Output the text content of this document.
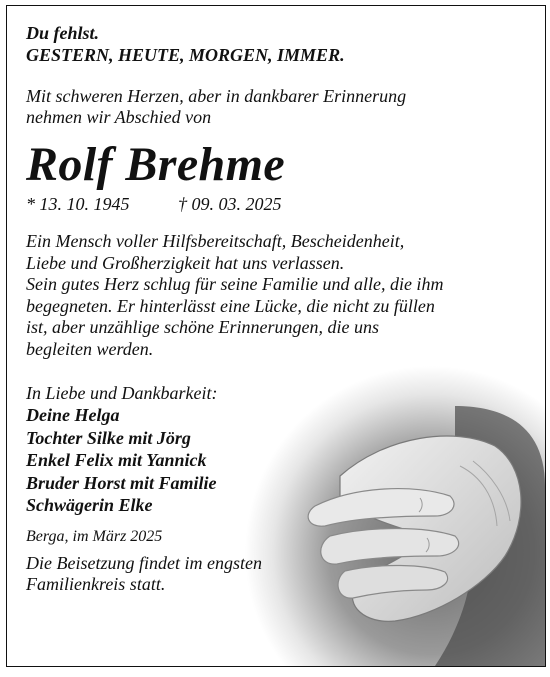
Du fehlst.
GESTERN, HEUTE, MORGEN, IMMER.
Mit schweren Herzen, aber in dankbarer Erinnerung
nehmen wir Abschied von
Rolf Brehme
* 13. 10. 1945	† 09. 03. 2025
Ein Mensch voller Hilfsbereitschaft, Bescheidenheit,
Liebe und Großherzigkeit hat uns verlassen.
Sein gutes Herz schlug für seine Familie und alle, die ihm
begegneten. Er hinterlässt eine Lücke, die nicht zu füllen
ist, aber unzählige schöne Erinnerungen, die uns
begleiten werden.
In Liebe und Dankbarkeit:
Deine Helga
Tochter Silke mit Jörg
Enkel Felix mit Yannick
Bruder Horst mit Familie
Schwägerin Elke
Berga, im März 2025
Die Beisetzung findet im engsten
Familienkreis statt.
